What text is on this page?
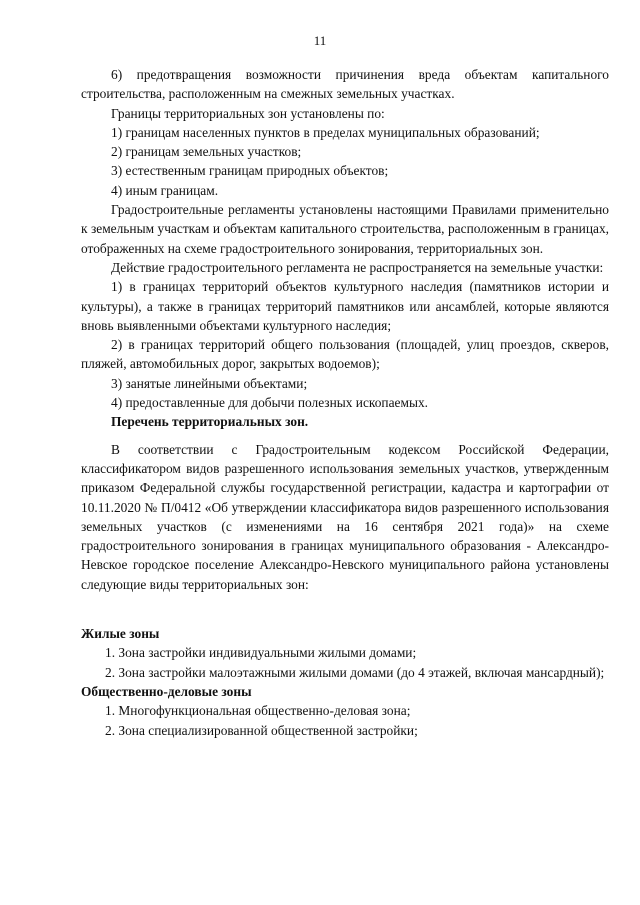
11

6) предотвращения возможности причинения вреда объектам капитального строительства, расположенным на смежных земельных участках.

Границы территориальных зон установлены по:

1) границам населенных пунктов в пределах муниципальных образований;

2) границам земельных участков;

3) естественным границам природных объектов;

4) иным границам.

Градостроительные регламенты установлены настоящими Правилами применительно к земельным участкам и объектам капитального строительства, расположенным в границах, отображенных на схеме градостроительного зонирования, территориальных зон.

Действие градостроительного регламента не распространяется на земельные участки:

1) в границах территорий объектов культурного наследия (памятников истории и культуры), а также в границах территорий памятников или ансамблей, которые являются вновь выявленными объектами культурного наследия;

2) в границах территорий общего пользования (площадей, улиц проездов, скверов, пляжей, автомобильных дорог, закрытых водоемов);

3) занятые линейными объектами;

4) предоставленные для добычи полезных ископаемых.

Перечень территориальных зон.

В соответствии с Градостроительным кодексом Российской Федерации, классификатором видов разрешенного использования земельных участков, утвержденным приказом Федеральной службы государственной регистрации, кадастра и картографии от 10.11.2020 № П/0412 «Об утверждении классификатора видов разрешенного использования земельных участков (с изменениями на 16 сентября 2021 года)» на схеме градостроительного зонирования в границах муниципального образования - Александро-Невское городское поселение Александро-Невского муниципального района установлены следующие виды территориальных зон:

Жилые зоны

1. Зона застройки индивидуальными жилыми домами;

2. Зона застройки малоэтажными жилыми домами (до 4 этажей, включая мансардный);

Общественно-деловые зоны

1. Многофункциональная общественно-деловая зона;

2. Зона специализированной общественной застройки;
